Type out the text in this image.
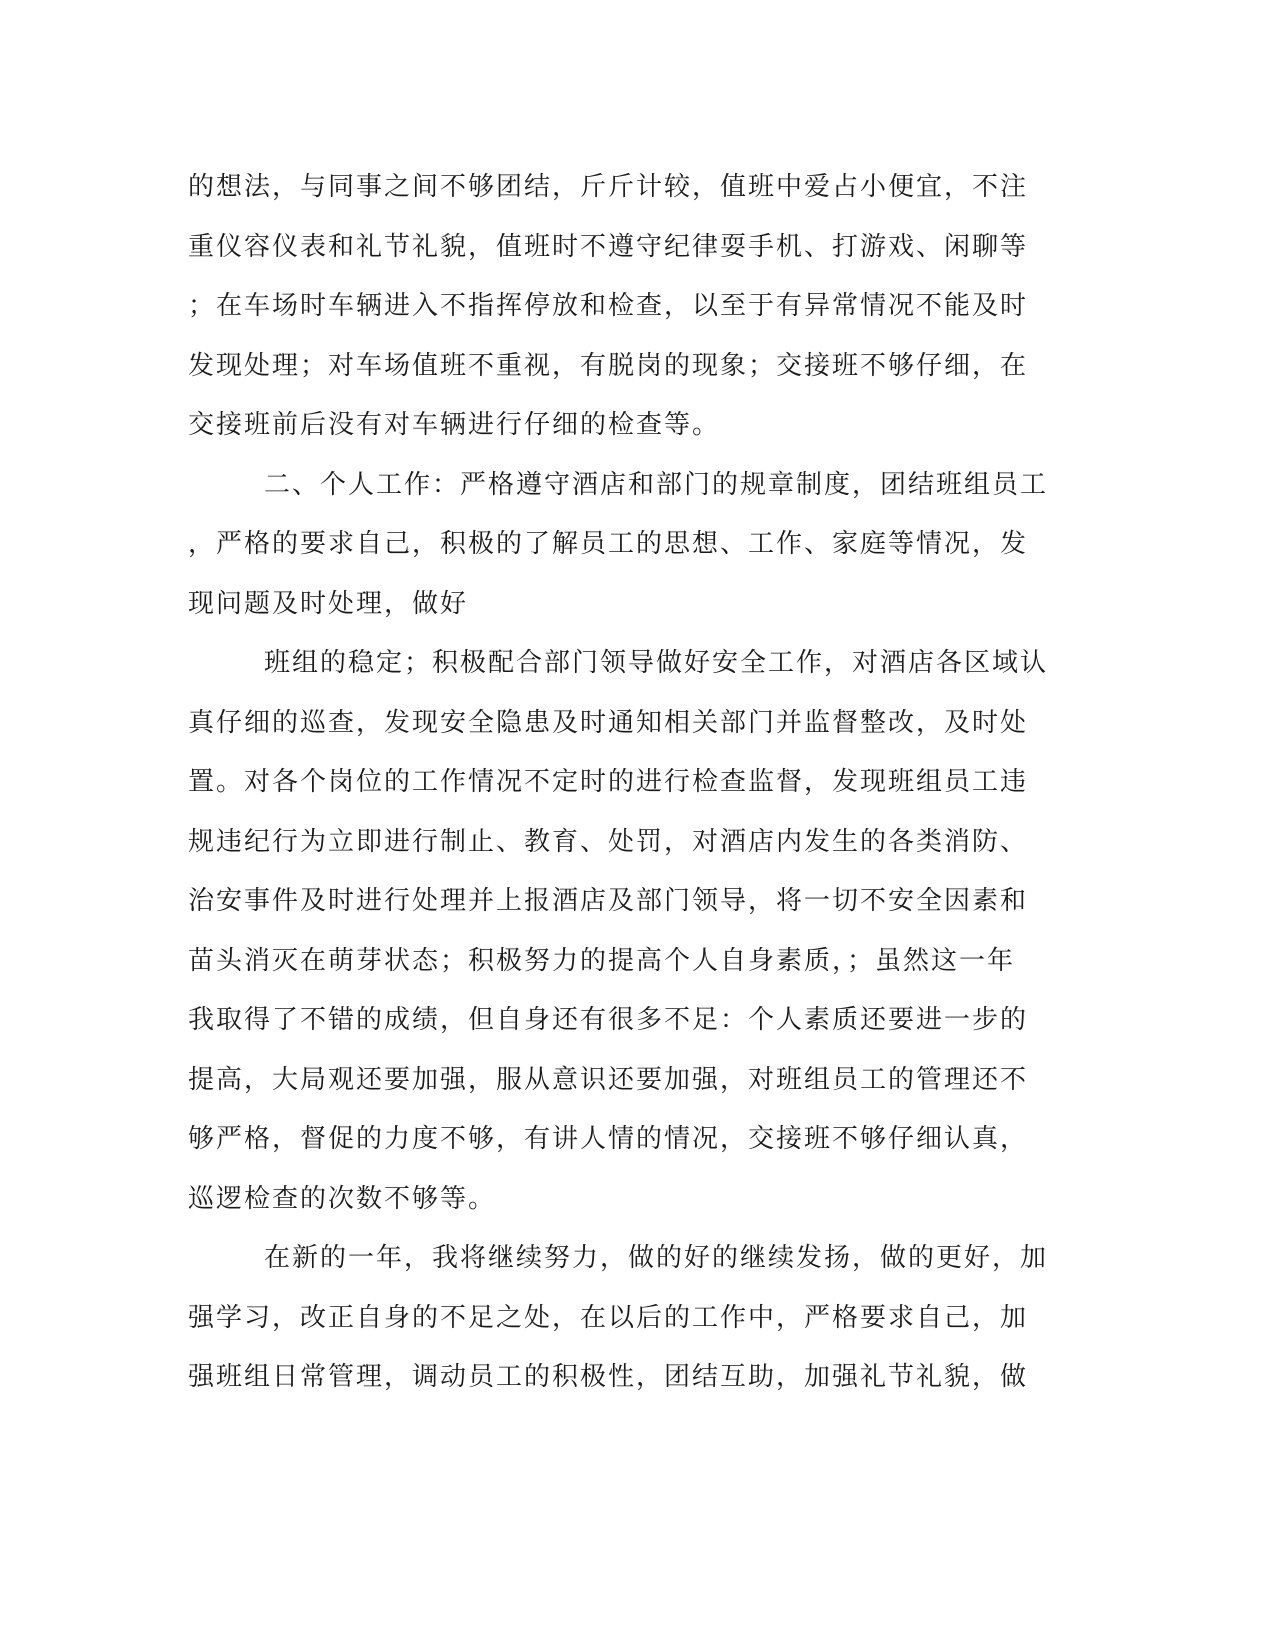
的想法，与同事之间不够团结，斤斤计较，值班中爱占小便宜，不注
重仪容仪表和礼节礼貌，值班时不遵守纪律耍手机、打游戏、闲聊等
；在车场时车辆进入不指挥停放和检查，以至于有异常情况不能及时
发现处理；对车场值班不重视，有脱岗的现象；交接班不够仔细，在
交接班前后没有对车辆进行仔细的检查等。
二、个人工作：严格遵守酒店和部门的规章制度，团结班组员工
，严格的要求自己，积极的了解员工的思想、工作、家庭等情况，发
现问题及时处理，做好
班组的稳定；积极配合部门领导做好安全工作，对酒店各区域认
真仔细的巡查，发现安全隐患及时通知相关部门并监督整改，及时处
置。对各个岗位的工作情况不定时的进行检查监督，发现班组员工违
规违纪行为立即进行制止、教育、处罚，对酒店内发生的各类消防、
治安事件及时进行处理并上报酒店及部门领导，将一切不安全因素和
苗头消灭在萌芽状态；积极努力的提高个人自身素质，；虽然这一年
我取得了不错的成绩，但自身还有很多不足：个人素质还要进一步的
提高，大局观还要加强，服从意识还要加强，对班组员工的管理还不
够严格，督促的力度不够，有讲人情的情况，交接班不够仔细认真，
巡逻检查的次数不够等。
在新的一年，我将继续努力，做的好的继续发扬，做的更好，加
强学习，改正自身的不足之处，在以后的工作中，严格要求自己，加
强班组日常管理，调动员工的积极性，团结互助，加强礼节礼貌，做
